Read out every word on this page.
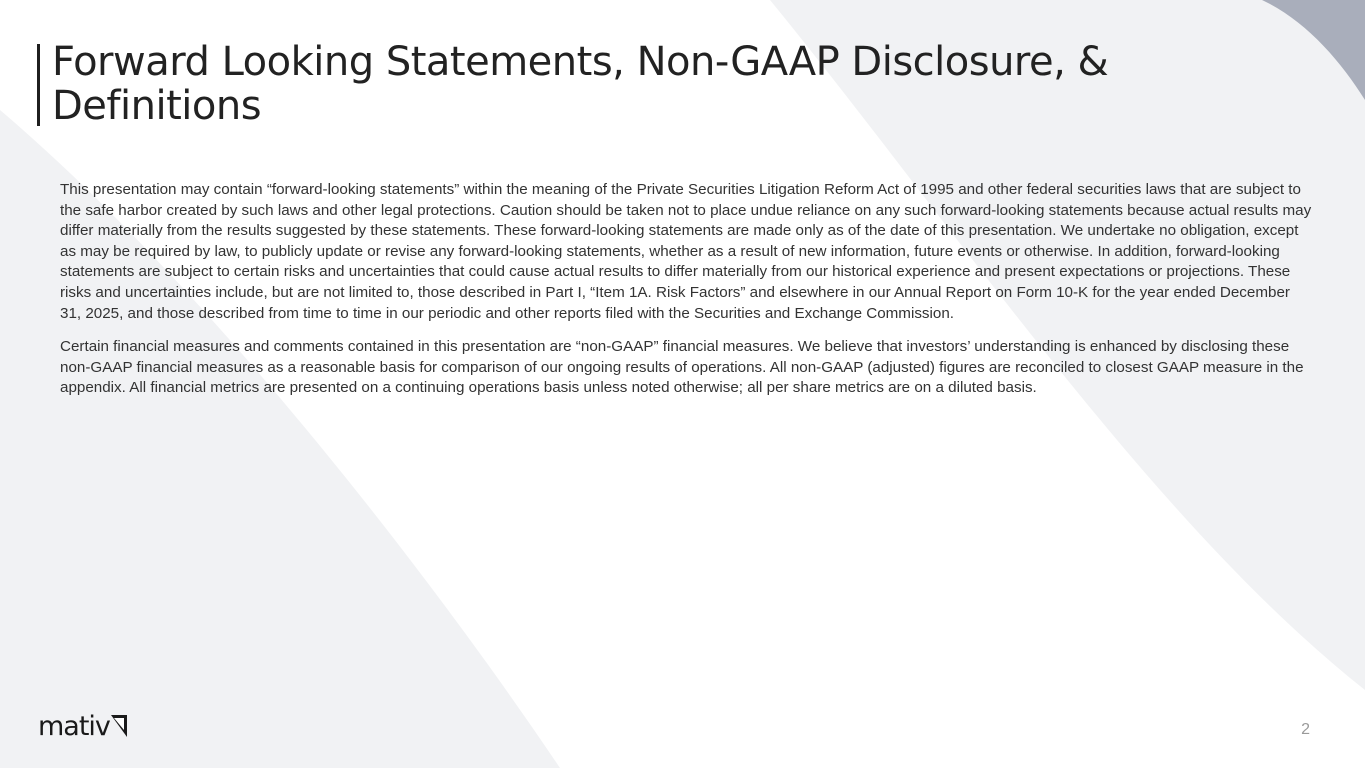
Forward Looking Statements, Non-GAAP Disclosure, & Definitions

This presentation may contain “forward-looking statements” within the meaning of the Private Securities Litigation Reform Act of 1995 and other federal securities laws that are subject to the safe harbor created by such laws and other legal protections. Caution should be taken not to place undue reliance on any such forward-looking statements because actual results may differ materially from the results suggested by these statements. These forward-looking statements are made only as of the date of this presentation. We undertake no obligation, except as may be required by law, to publicly update or revise any forward-looking statements, whether as a result of new information, future events or otherwise. In addition, forward-looking statements are subject to certain risks and uncertainties that could cause actual results to differ materially from our historical experience and present expectations or projections. These risks and uncertainties include, but are not limited to, those described in Part I, “Item 1A. Risk Factors” and elsewhere in our Annual Report on Form 10-K for the year ended December 31, 2025, and those described from time to time in our periodic and other reports filed with the Securities and Exchange Commission.

Certain financial measures and comments contained in this presentation are “non-GAAP” financial measures. We believe that investors’ understanding is enhanced by disclosing these non-GAAP financial measures as a reasonable basis for comparison of our ongoing results of operations. All non-GAAP (adjusted) figures are reconciled to closest GAAP measure in the appendix. All financial metrics are presented on a continuing operations basis unless noted otherwise; all per share metrics are on a diluted basis.

mativ	2
